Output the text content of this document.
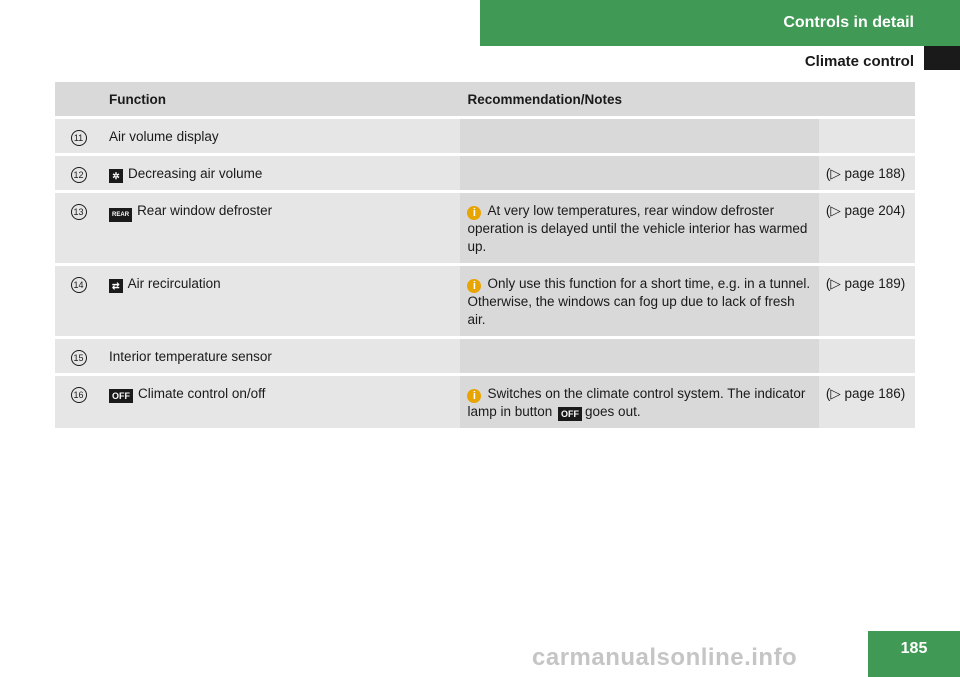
Controls in detail
Climate control
	Function	Recommendation/Notes	
11	Air volume display		
12	✲ Decreasing air volume		(▷ page 188)
13	REAR Rear window defroster	i At very low temperatures, rear window defroster operation is delayed until the vehicle interior has warmed up.	(▷ page 204)
14	⇄ Air recirculation	i Only use this function for a short time, e.g. in a tunnel. Otherwise, the windows can fog up due to lack of fresh air.	(▷ page 189)
15	Interior temperature sensor		
16	OFF Climate control on/off	i Switches on the climate control system. The indicator lamp in button OFF goes out.	(▷ page 186)
carmanualsonline.info	185
